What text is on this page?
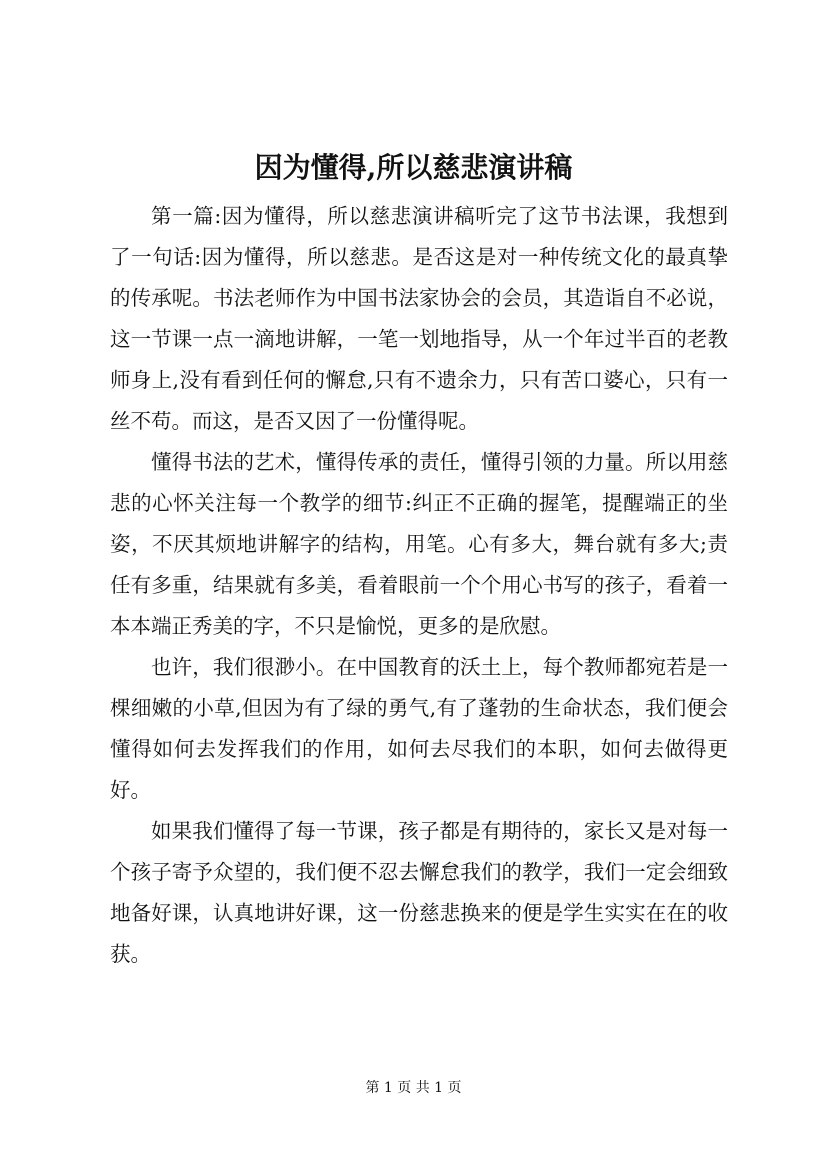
因为懂得,所以慈悲演讲稿

第一篇:因为懂得，所以慈悲演讲稿听完了这节书法课，我想到了一句话:因为懂得，所以慈悲。是否这是对一种传统文化的最真挚的传承呢。书法老师作为中国书法家协会的会员，其造诣自不必说，这一节课一点一滴地讲解，一笔一划地指导，从一个年过半百的老教师身上,没有看到任何的懈怠,只有不遗余力，只有苦口婆心，只有一丝不苟。而这，是否又因了一份懂得呢。

懂得书法的艺术，懂得传承的责任，懂得引领的力量。所以用慈悲的心怀关注每一个教学的细节:纠正不正确的握笔，提醒端正的坐姿，不厌其烦地讲解字的结构，用笔。心有多大，舞台就有多大;责任有多重，结果就有多美，看着眼前一个个用心书写的孩子，看着一本本端正秀美的字，不只是愉悦，更多的是欣慰。

也许，我们很渺小。在中国教育的沃土上，每个教师都宛若是一棵细嫩的小草,但因为有了绿的勇气,有了蓬勃的生命状态，我们便会懂得如何去发挥我们的作用，如何去尽我们的本职，如何去做得更好。

如果我们懂得了每一节课，孩子都是有期待的，家长又是对每一个孩子寄予众望的，我们便不忍去懈怠我们的教学，我们一定会细致地备好课，认真地讲好课，这一份慈悲换来的便是学生实实在在的收获。

第 1 页 共 1 页
